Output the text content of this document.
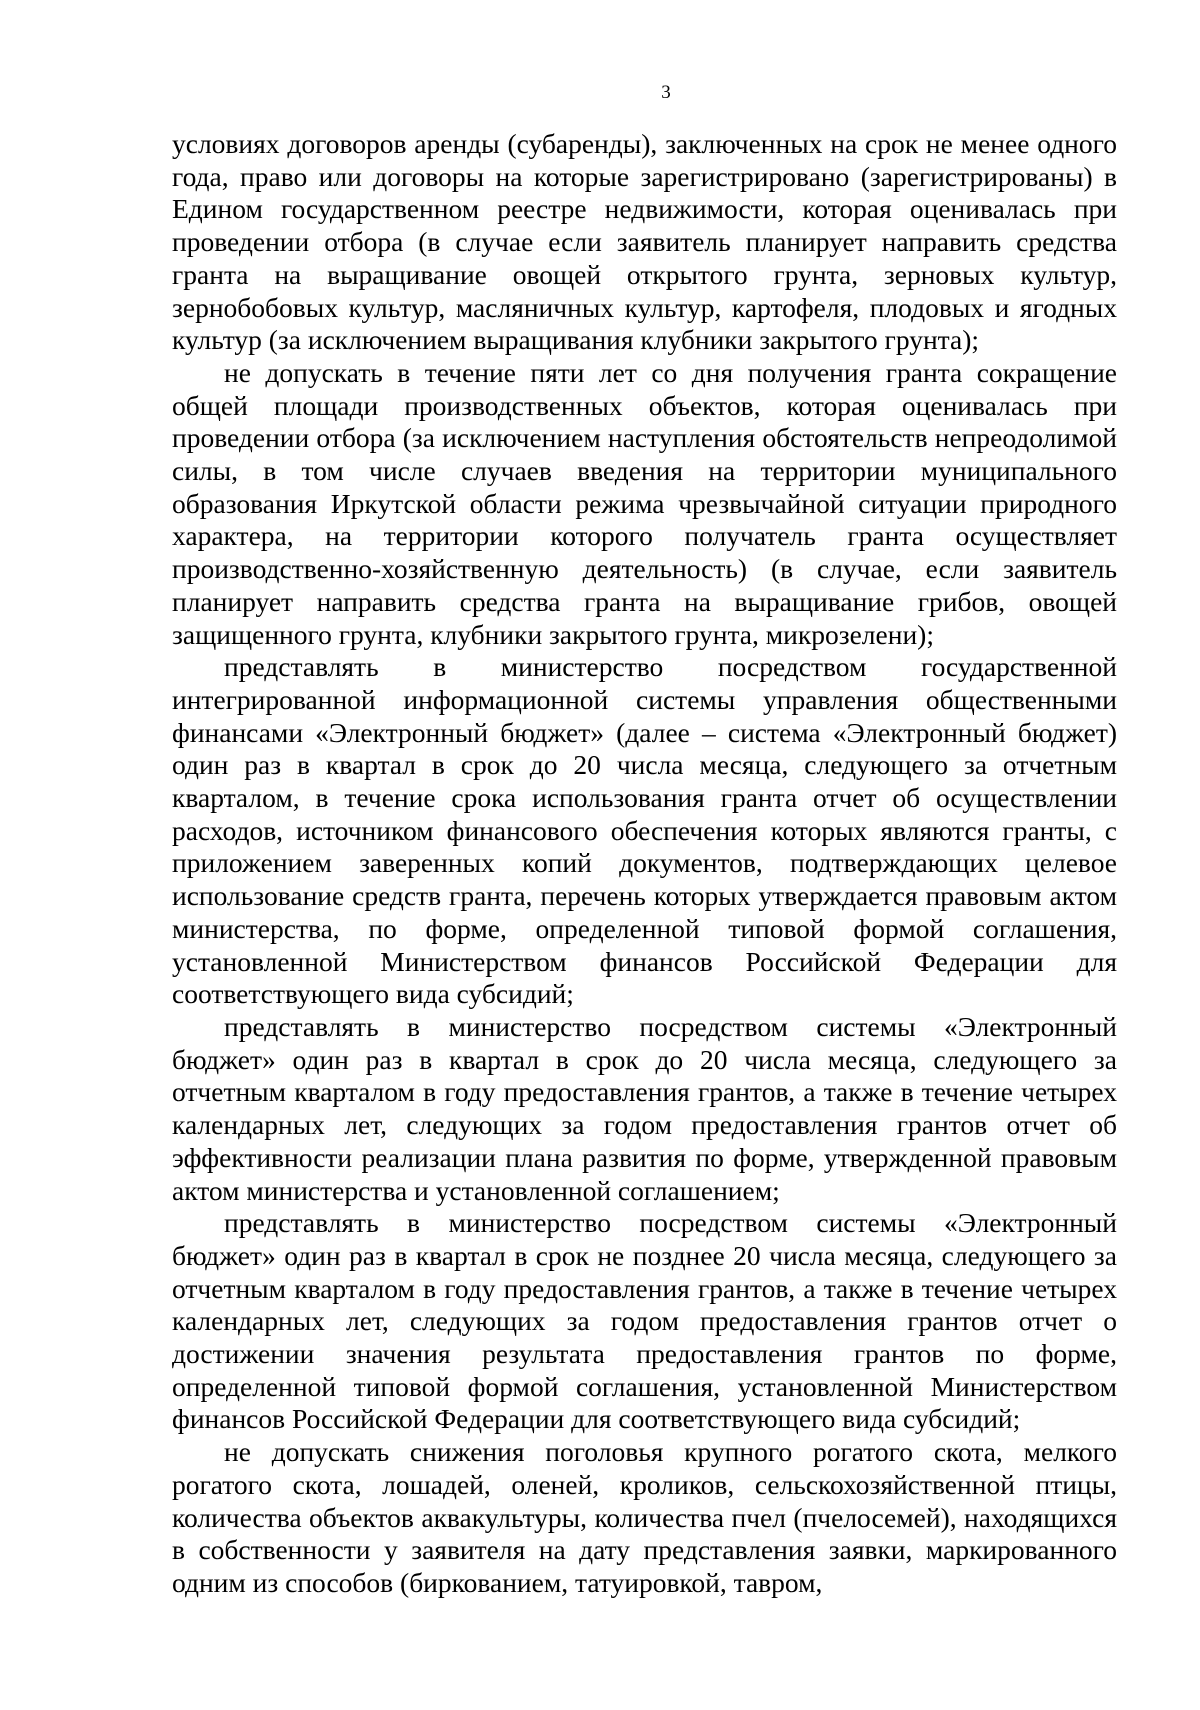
3

условиях договоров аренды (субаренды), заключенных на срок не менее одного года, право или договоры на которые зарегистрировано (зарегистрированы) в Едином государственном реестре недвижимости, которая оценивалась при проведении отбора (в случае если заявитель планирует направить средства гранта на выращивание овощей открытого грунта, зерновых культур, зернобобовых культур, масляничных культур, картофеля, плодовых и ягодных культур (за исключением выращивания клубники закрытого грунта);

не допускать в течение пяти лет со дня получения гранта сокращение общей площади производственных объектов, которая оценивалась при проведении отбора (за исключением наступления обстоятельств непреодолимой силы, в том числе случаев введения на территории муниципального образования Иркутской области режима чрезвычайной ситуации природного характера, на территории которого получатель гранта осуществляет производственно-хозяйственную деятельность) (в случае, если заявитель планирует направить средства гранта на выращивание грибов, овощей защищенного грунта, клубники закрытого грунта, микрозелени);

представлять в министерство посредством государственной интегрированной информационной системы управления общественными финансами «Электронный бюджет» (далее – система «Электронный бюджет) один раз в квартал в срок до 20 числа месяца, следующего за отчетным кварталом, в течение срока использования гранта отчет об осуществлении расходов, источником финансового обеспечения которых являются гранты, с приложением заверенных копий документов, подтверждающих целевое использование средств гранта, перечень которых утверждается правовым актом министерства, по форме, определенной типовой формой соглашения, установленной Министерством финансов Российской Федерации для соответствующего вида субсидий;

представлять в министерство посредством системы «Электронный бюджет» один раз в квартал в срок до 20 числа месяца, следующего за отчетным кварталом в году предоставления грантов, а также в течение четырех календарных лет, следующих за годом предоставления грантов отчет об эффективности реализации плана развития по форме, утвержденной правовым актом министерства и установленной соглашением;

представлять в министерство посредством системы «Электронный бюджет» один раз в квартал в срок не позднее 20 числа месяца, следующего за отчетным кварталом в году предоставления грантов, а также в течение четырех календарных лет, следующих за годом предоставления грантов отчет о достижении значения результата предоставления грантов по форме, определенной типовой формой соглашения, установленной Министерством финансов Российской Федерации для соответствующего вида субсидий;

не допускать снижения поголовья крупного рогатого скота, мелкого рогатого скота, лошадей, оленей, кроликов, сельскохозяйственной птицы, количества объектов аквакультуры, количества пчел (пчелосемей), находящихся в собственности у заявителя на дату представления заявки, маркированного одним из способов (биркованием, татуировкой, тавром,
